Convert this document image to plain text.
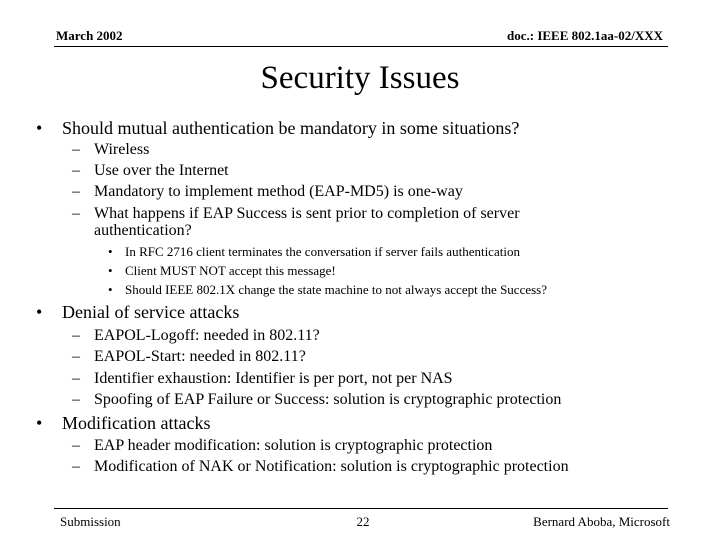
March 2002	doc.: IEEE 802.1aa-02/XXX
Security Issues
• Should mutual authentication be mandatory in some situations?
– Wireless
– Use over the Internet
– Mandatory to implement method (EAP-MD5) is one-way
– What happens if EAP Success is sent prior to completion of server authentication?
• In RFC 2716 client terminates the conversation if server fails authentication
• Client MUST NOT accept this message!
• Should IEEE 802.1X change the state machine to not always accept the Success?
• Denial of service attacks
– EAPOL-Logoff: needed in 802.11?
– EAPOL-Start: needed in 802.11?
– Identifier exhaustion: Identifier is per port, not per NAS
– Spoofing of EAP Failure or Success: solution is cryptographic protection
• Modification attacks
– EAP header modification: solution is cryptographic protection
– Modification of NAK or Notification: solution is cryptographic protection
Submission	22	Bernard Aboba, Microsoft
